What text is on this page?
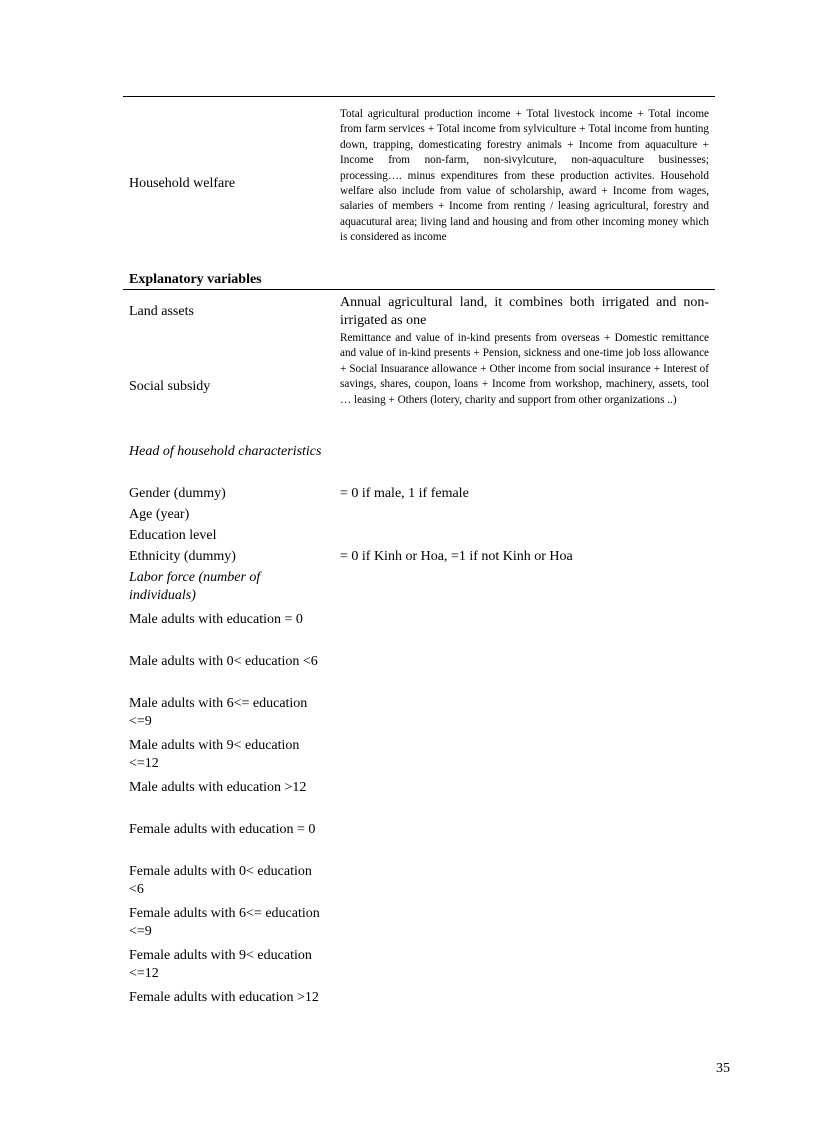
Household welfare
Total agricultural production income + Total livestock income + Total income from farm services + Total income from sylviculture + Total income from hunting down, trapping, domesticating forestry animals + Income from aquaculture + Income from non-farm, non-sivylcuture, non-aquaculture businesses; processing…. minus expenditures from these production activites. Household welfare also include from value of scholarship, award + Income from wages, salaries of members + Income from renting / leasing agricultural, forestry and aquacutural area; living land and housing and from other incoming money which is considered as income
Explanatory variables
Land assets
Annual agricultural land, it combines both irrigated and non-irrigated as one
Social subsidy
Remittance and value of in-kind presents from overseas + Domestic remittance and value of in-kind presents + Pension, sickness and one-time job loss allowance + Social Insuarance allowance + Other income from social insurance + Interest of savings, shares, coupon, loans + Income from workshop, machinery, assets, tool … leasing + Others (lotery, charity and support from other organizations ..)
Head of household characteristics
Gender (dummy)	= 0 if male, 1 if female
Age (year)
Education level
Ethnicity (dummy)	= 0 if Kinh or Hoa, =1 if not Kinh or Hoa
Labor force (number of individuals)
Male adults with education = 0
Male adults with 0< education <6
Male adults with 6<= education <=9
Male adults with 9< education <=12
Male adults with education >12
Female adults with education = 0
Female adults with 0< education <6
Female adults with 6<= education <=9
Female adults with 9< education <=12
Female adults with education >12
35
